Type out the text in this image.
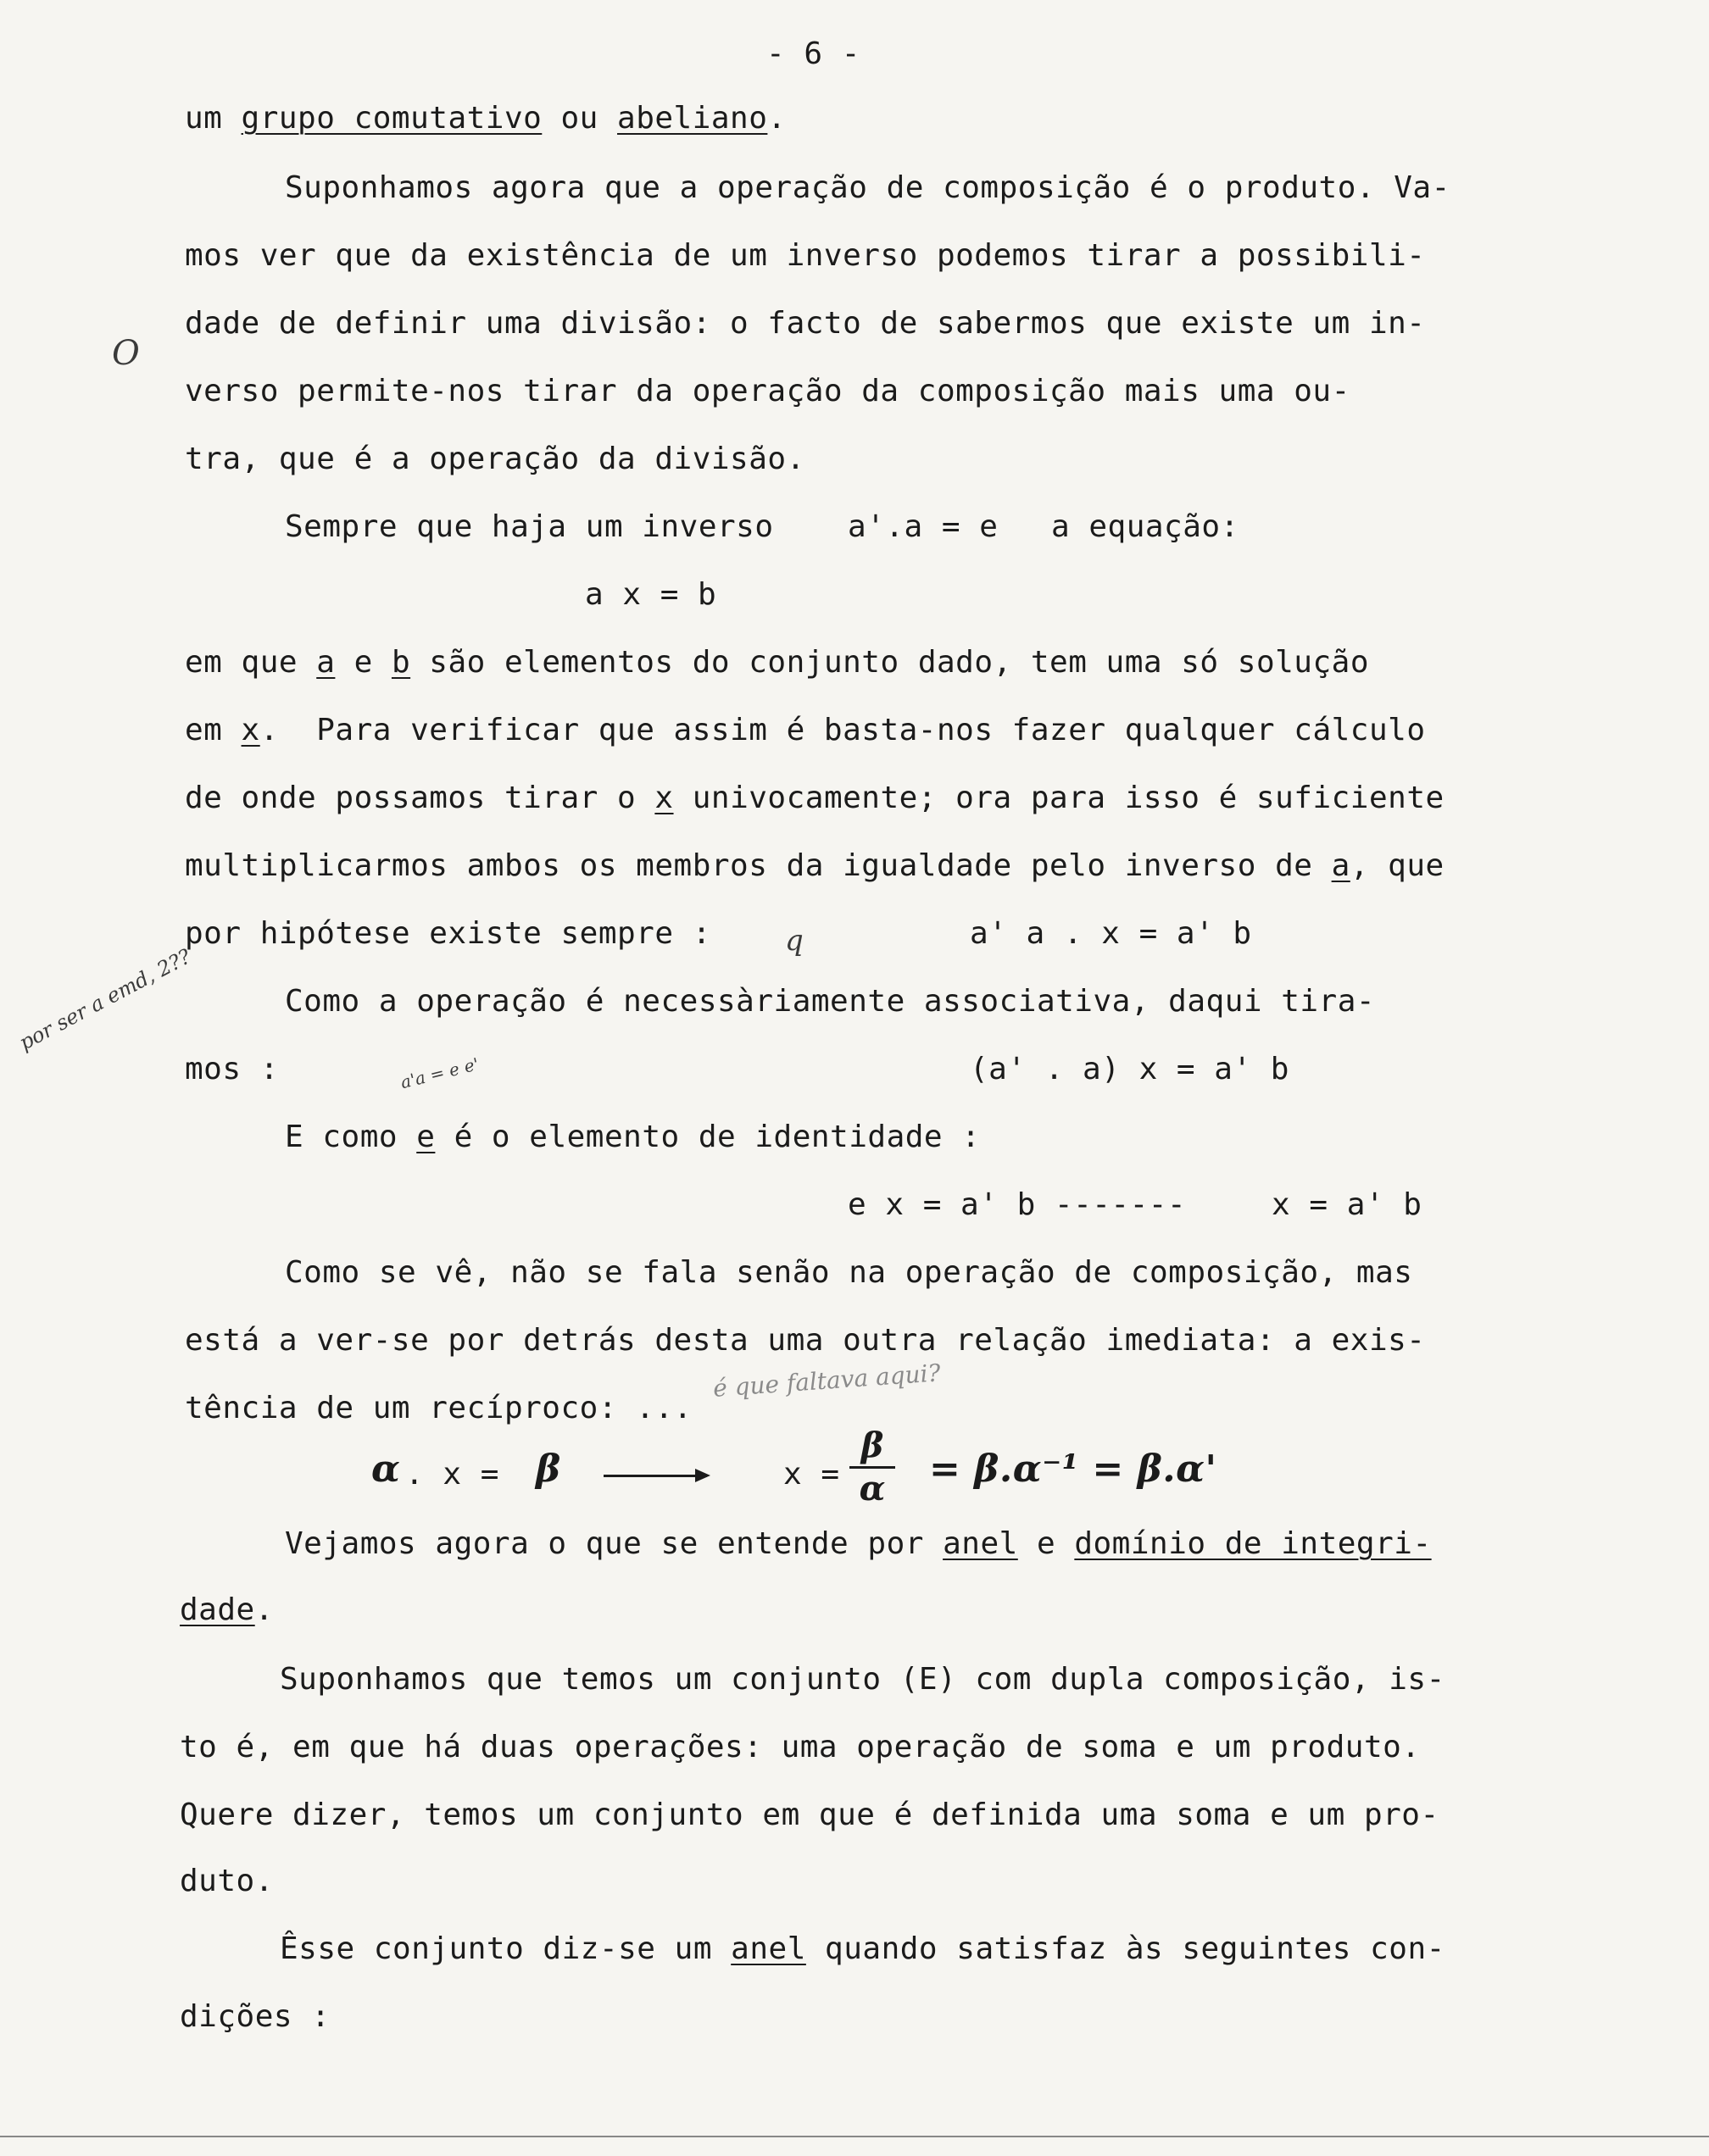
- 6 -
um grupo comutativo ou abeliano.
Suponhamos agora que a operação de composição é o produto. Va-
mos ver que da existência de um inverso podemos tirar a possibili-
dade de definir uma divisão: o facto de sabermos que existe um in-
verso permite-nos tirar da operação da composição mais uma ou-
tra, que é a operação da divisão.
Sempre que haja um inverso a'.a = e a equação:
a x = b
em que a e b são elementos do conjunto dado, tem uma só solução
em x.  Para verificar que assim é basta-nos fazer qualquer cálculo
de onde possamos tirar o x univocamente; ora para isso é suficiente
multiplicarmos ambos os membros da igualdade pelo inverso de a, que
por hipótese existe sempre :	a' a . x = a' b
Como a operação é necessàriamente associativa, daqui tira-
mos :	(a' . a) x = a' b
E como e é o elemento de identidade :
e x = a' b -------	x = a' b
Como se vê, não se fala senão na operação de composição, mas
está a ver-se por detrás desta uma outra relação imediata: a exis-
tência de um recíproco: ...
α . x = β	x =
β
α = β.α⁻¹ = β.α'
Vejamos agora o que se entende por anel e domínio de integri-
dade.
Suponhamos que temos um conjunto (E) com dupla composição, is-
to é, em que há duas operações: uma operação de soma e um produto.
Quere dizer, temos um conjunto em que é definida uma soma e um pro-
duto.
Êsse conjunto diz-se um anel quando satisfaz às seguintes con-
dições :
O
q
por ser a emd, 2??
a'a = e e'
é que faltava aqui?
